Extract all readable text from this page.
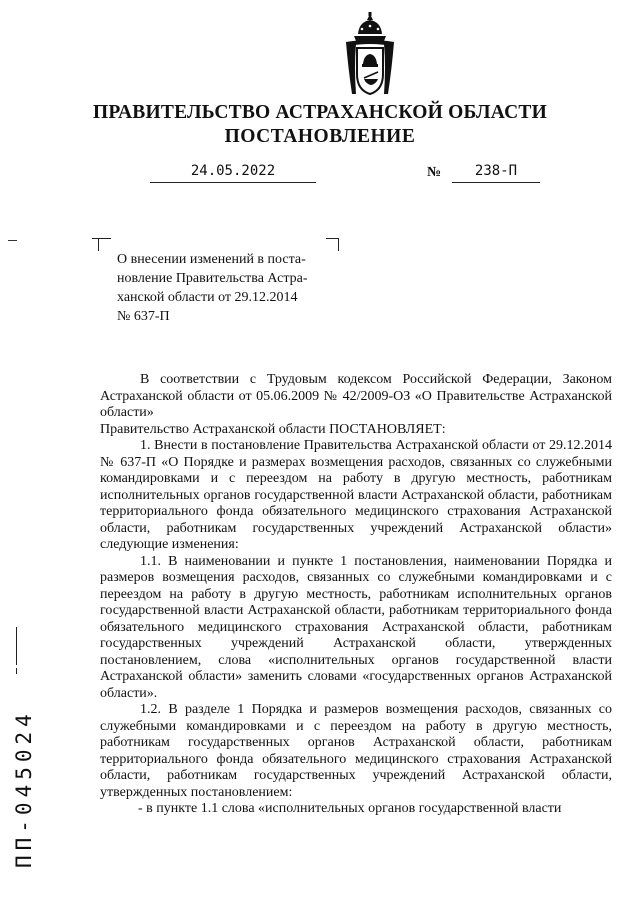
ПРАВИТЕЛЬСТВО АСТРАХАНСКОЙ ОБЛАСТИ
ПОСТАНОВЛЕНИЕ
24.05.2022	№	238-П
О внесении изменений в поста-
новление Правительства Астра-
ханской области от 29.12.2014
№ 637-П
В соответствии с Трудовым кодексом Российской Федерации, Законом Астраханской области от 05.06.2009 № 42/2009-ОЗ «О Правительстве Астраханской области»
Правительство Астраханской области ПОСТАНОВЛЯЕТ:
1. Внести в постановление Правительства Астраханской области от 29.12.2014 № 637-П «О Порядке и размерах возмещения расходов, связанных со служебными командировками и с переездом на работу в другую местность, работникам исполнительных органов государственной власти Астраханской области, работникам территориального фонда обязательного медицинского страхования Астраханской области, работникам государственных учреждений Астраханской области» следующие изменения:
1.1. В наименовании и пункте 1 постановления, наименовании Порядка и размеров возмещения расходов, связанных со служебными командировками и с переездом на работу в другую местность, работникам исполнительных органов государственной власти Астраханской области, работникам территориального фонда обязательного медицинского страхования Астраханской области, работникам государственных учреждений Астраханской области, утвержденных постановлением, слова «исполнительных органов государственной власти Астраханской области» заменить словами «государственных органов Астраханской области».
1.2. В разделе 1 Порядка и размеров возмещения расходов, связанных со служебными командировками и с переездом на работу в другую местность, работникам государственных органов Астраханской области, работникам территориального фонда обязательного медицинского страхования Астраханской области, работникам государственных учреждений Астраханской области, утвержденных постановлением:
- в пункте 1.1 слова «исполнительных органов государственной власти
ПП-045024
